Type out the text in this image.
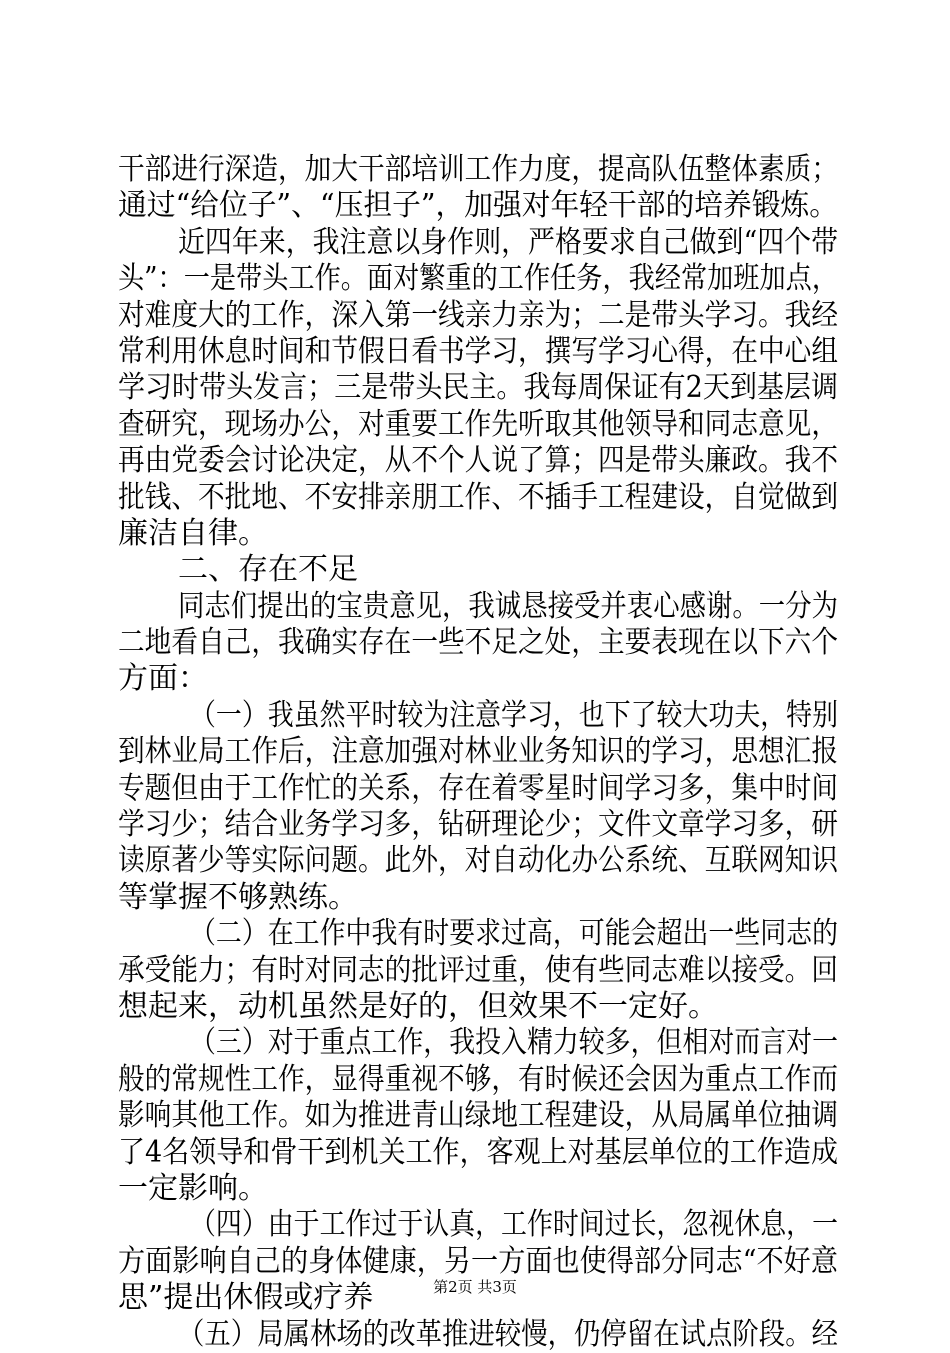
干部进行深造，加大干部培训工作力度，提高队伍整体素质；
通过“给位子”、“压担子”，加强对年轻干部的培养锻炼。
近四年来，我注意以身作则，严格要求自己做到“四个带
头”：一是带头工作。面对繁重的工作任务，我经常加班加点，
对难度大的工作，深入第一线亲力亲为；二是带头学习。我经
常利用休息时间和节假日看书学习，撰写学习心得，在中心组
学习时带头发言；三是带头民主。我每周保证有2天到基层调
查研究，现场办公，对重要工作先听取其他领导和同志意见，
再由党委会讨论决定，从不个人说了算；四是带头廉政。我不
批钱、不批地、不安排亲朋工作、不插手工程建设，自觉做到
廉洁自律。
二、存在不足
同志们提出的宝贵意见，我诚恳接受并衷心感谢。一分为
二地看自己，我确实存在一些不足之处，主要表现在以下六个
方面：
（一）我虽然平时较为注意学习，也下了较大功夫，特别
到林业局工作后，注意加强对林业业务知识的学习，思想汇报
专题但由于工作忙的关系，存在着零星时间学习多，集中时间
学习少；结合业务学习多，钻研理论少；文件文章学习多，研
读原著少等实际问题。此外，对自动化办公系统、互联网知识
等掌握不够熟练。
（二）在工作中我有时要求过高，可能会超出一些同志的
承受能力；有时对同志的批评过重，使有些同志难以接受。回
想起来，动机虽然是好的，但效果不一定好。
（三）对于重点工作，我投入精力较多，但相对而言对一
般的常规性工作，显得重视不够，有时候还会因为重点工作而
影响其他工作。如为推进青山绿地工程建设，从局属单位抽调
了4名领导和骨干到机关工作，客观上对基层单位的工作造成
一定影响。
（四）由于工作过于认真，工作时间过长，忽视休息，一
方面影响自己的身体健康，另一方面也使得部分同志“不好意
思”提出休假或疗养
（五）局属林场的改革推进较慢，仍停留在试点阶段。经
第2页 共3页
